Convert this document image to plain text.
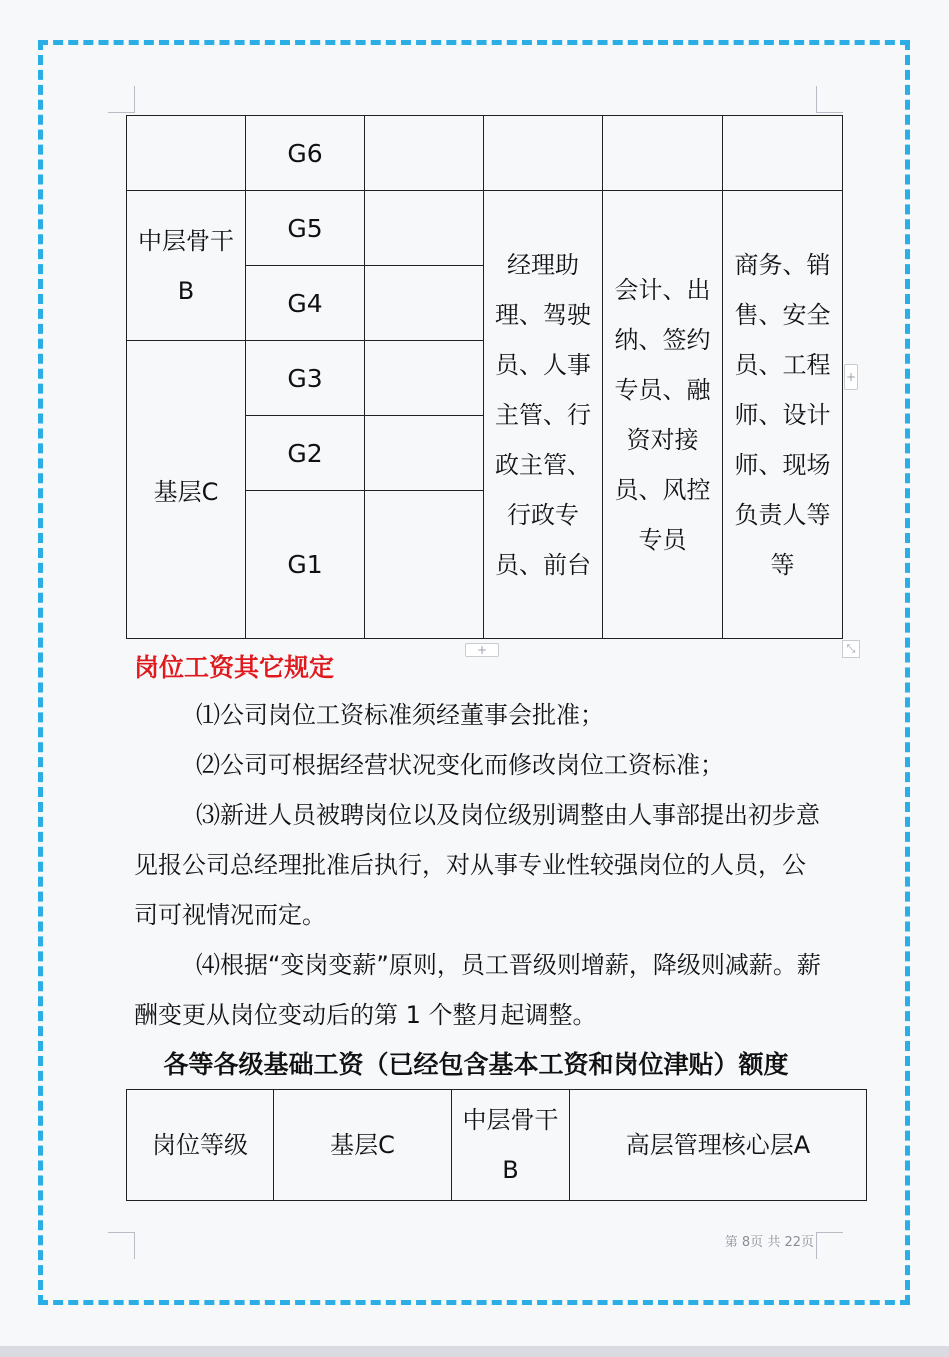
	G6				
中层骨干B	G5		经理助理、驾驶员、人事主管、行政主管、行政专员、前台	会计、出纳、签约专员、融资对接员、风控专员	商务、销售、安全员、工程师、设计师、现场负责人等等
	G4				
基层C	G3				
	G2				
	G1				
+
+	⤡
岗位工资其它规定

⑴公司岗位工资标准须经董事会批准；

⑵公司可根据经营状况变化而修改岗位工资标准；

⑶新进人员被聘岗位以及岗位级别调整由人事部提出初步意见报公司总经理批准后执行，对从事专业性较强岗位的人员，公司可视情况而定。

⑷根据“变岗变薪”原则，员工晋级则增薪，降级则减薪。薪酬变更从岗位变动后的第 1 个整月起调整。

各等各级基础工资（已经包含基本工资和岗位津贴）额度
岗位等级	基层C	中层骨干B	高层管理核心层A
第 8页 共 22页
